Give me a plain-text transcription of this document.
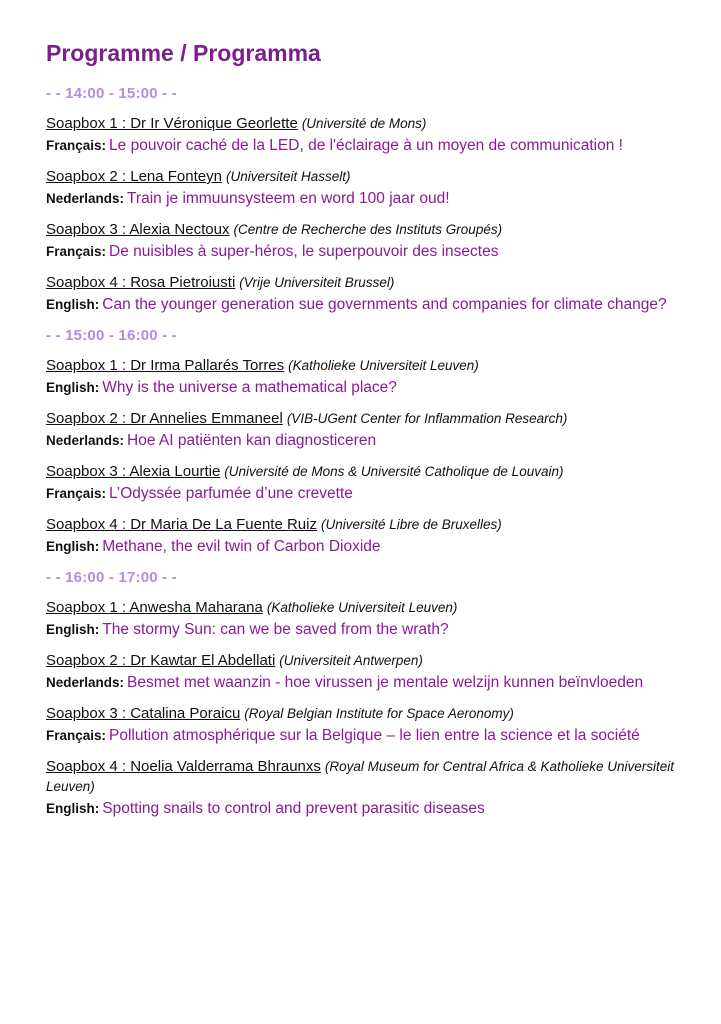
Programme / Programma
- - 14:00 - 15:00 - -
Soapbox 1 : Dr Ir Véronique Georlette (Université de Mons)
Français: Le pouvoir caché de la LED, de l'éclairage à un moyen de communication !
Soapbox 2 : Lena Fonteyn (Universiteit Hasselt)
Nederlands: Train je immuunsysteem en word 100 jaar oud!
Soapbox 3 : Alexia Nectoux (Centre de Recherche des Instituts Groupés)
Français: De nuisibles à super-héros, le superpouvoir des insectes
Soapbox 4 : Rosa Pietroiusti (Vrije Universiteit Brussel)
English: Can the younger generation sue governments and companies for climate change?
- - 15:00 - 16:00 - -
Soapbox 1 : Dr Irma Pallarés Torres (Katholieke Universiteit Leuven)
English: Why is the universe a mathematical place?
Soapbox 2 : Dr Annelies Emmaneel (VIB-UGent Center for Inflammation Research)
Nederlands: Hoe AI patiënten kan diagnosticeren
Soapbox 3 : Alexia Lourtie (Université de Mons & Université Catholique de Louvain)
Français: L’Odyssée parfumée d’une crevette
Soapbox 4 : Dr Maria De La Fuente Ruiz (Université Libre de Bruxelles)
English: Methane, the evil twin of Carbon Dioxide
- - 16:00 - 17:00 - -
Soapbox 1 : Anwesha Maharana (Katholieke Universiteit Leuven)
English: The stormy Sun: can we be saved from the wrath?
Soapbox 2 : Dr Kawtar El Abdellati (Universiteit Antwerpen)
Nederlands: Besmet met waanzin - hoe virussen je mentale welzijn kunnen beïnvloeden
Soapbox 3 : Catalina Poraicu (Royal Belgian Institute for Space Aeronomy)
Français: Pollution atmosphérique sur la Belgique – le lien entre la science et la société
Soapbox 4 : Noelia Valderrama Bhraunxs (Royal Museum for Central Africa & Katholieke Universiteit Leuven)
English: Spotting snails to control and prevent parasitic diseases
